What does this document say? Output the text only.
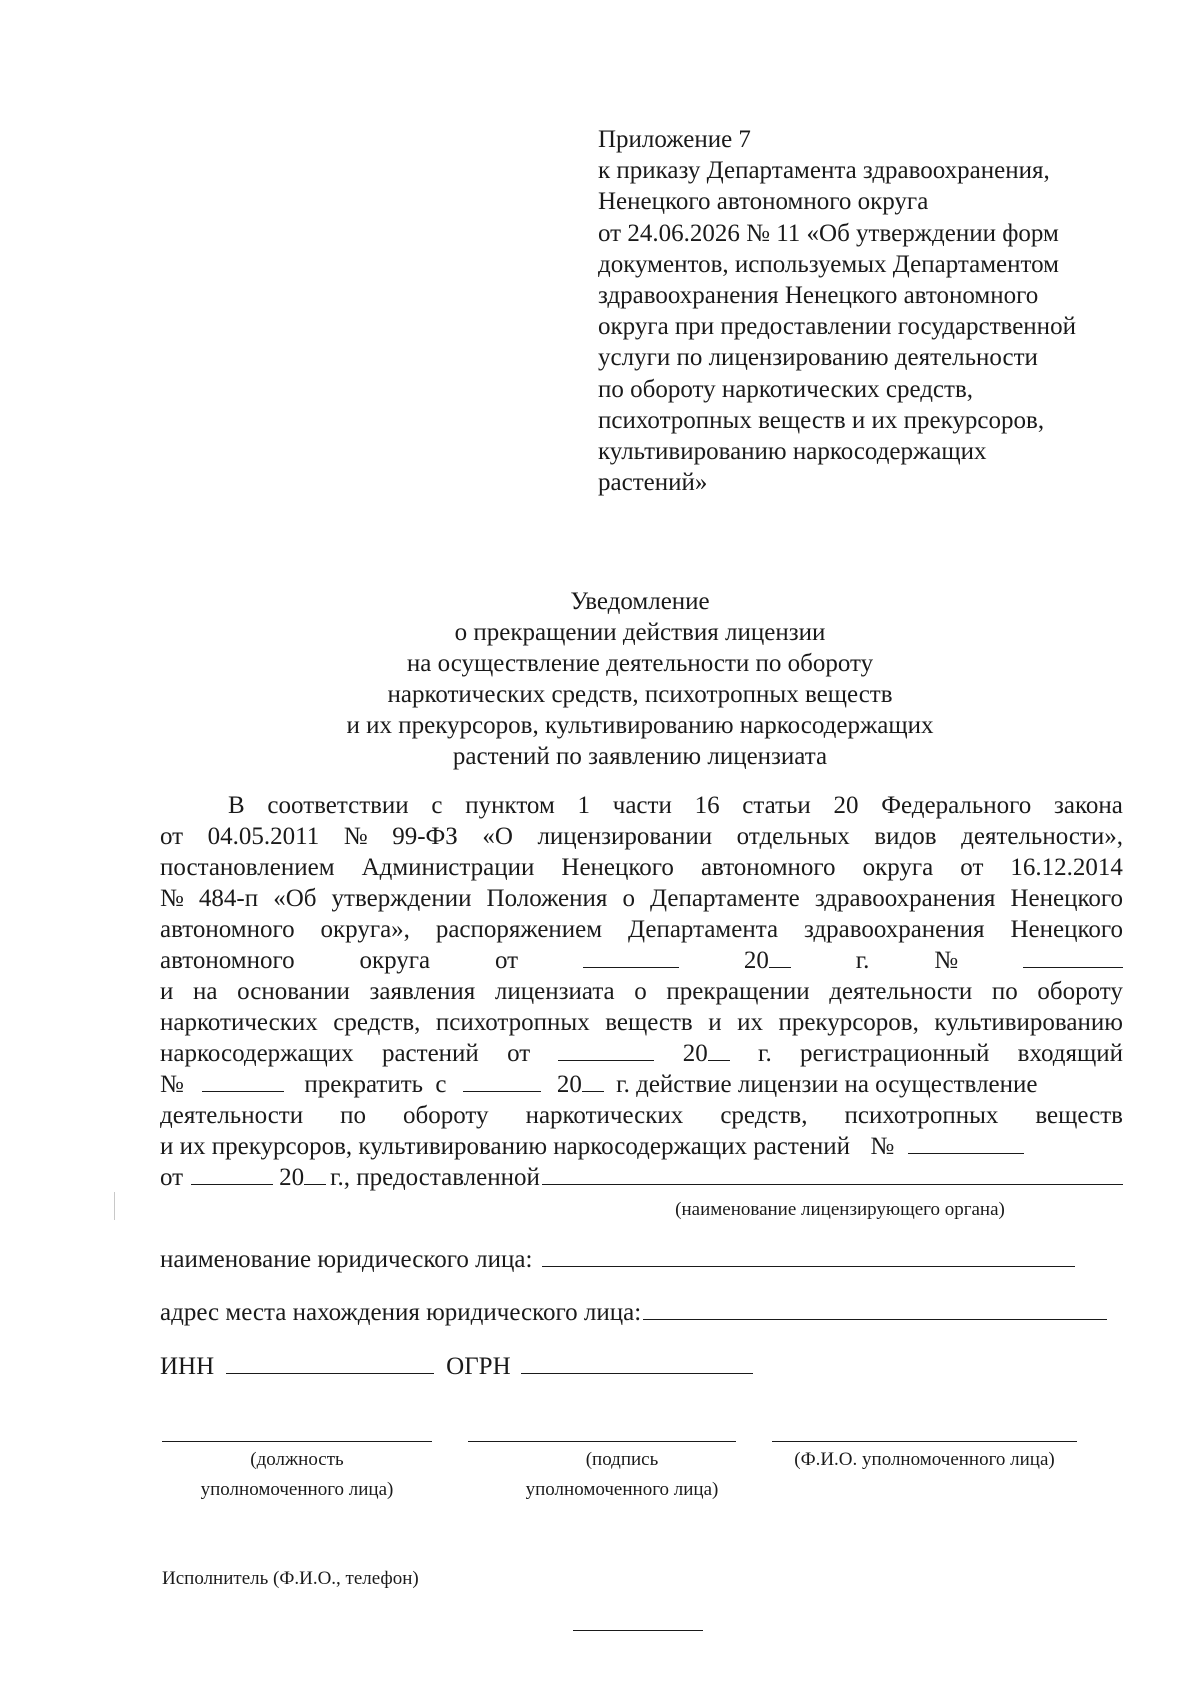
Приложение 7
к приказу Департамента здравоохранения,
Ненецкого автономного округа
от 24.06.2026 № 11 «Об утверждении форм
документов, используемых Департаментом
здравоохранения Ненецкого автономного
округа при предоставлении государственной
услуги по лицензированию деятельности
по обороту наркотических средств,
психотропных веществ и их прекурсоров,
культивированию наркосодержащих
растений»
Уведомление
о прекращении действия лицензии
на осуществление деятельности по обороту
наркотических средств, психотропных веществ
и их прекурсоров, культивированию наркосодержащих
растений по заявлению лицензиата
В соответствии с пунктом 1 части 16 статьи 20 Федерального закона
от 04.05.2011 № 99-ФЗ «О лицензировании отдельных видов деятельности»,
постановлением Администрации Ненецкого автономного округа от 16.12.2014
№ 484-п «Об утверждении Положения о Департаменте здравоохранения Ненецкого
автономного округа», распоряжением Департамента здравоохранения Ненецкого
автономного	округа	от	20	г.	№
и на основании заявления лицензиата о прекращении деятельности по обороту
наркотических средств, психотропных веществ и их прекурсоров, культивированию
наркосодержащих растений от	20	г. регистрационный входящий
№	прекратить с	20 г. действие лицензии на осуществление
деятельности по обороту наркотических средств, психотропных веществ
и их прекурсоров, культивированию наркосодержащих растений №
от	20 г., предоставленной
(наименование лицензирующего органа)
наименование юридического лица:
адрес места нахождения юридического лица:
ИНН	ОГРН
(должность
уполномоченного лица)
(подпись
уполномоченного лица)
(Ф.И.О. уполномоченного лица)
Исполнитель (Ф.И.О., телефон)
